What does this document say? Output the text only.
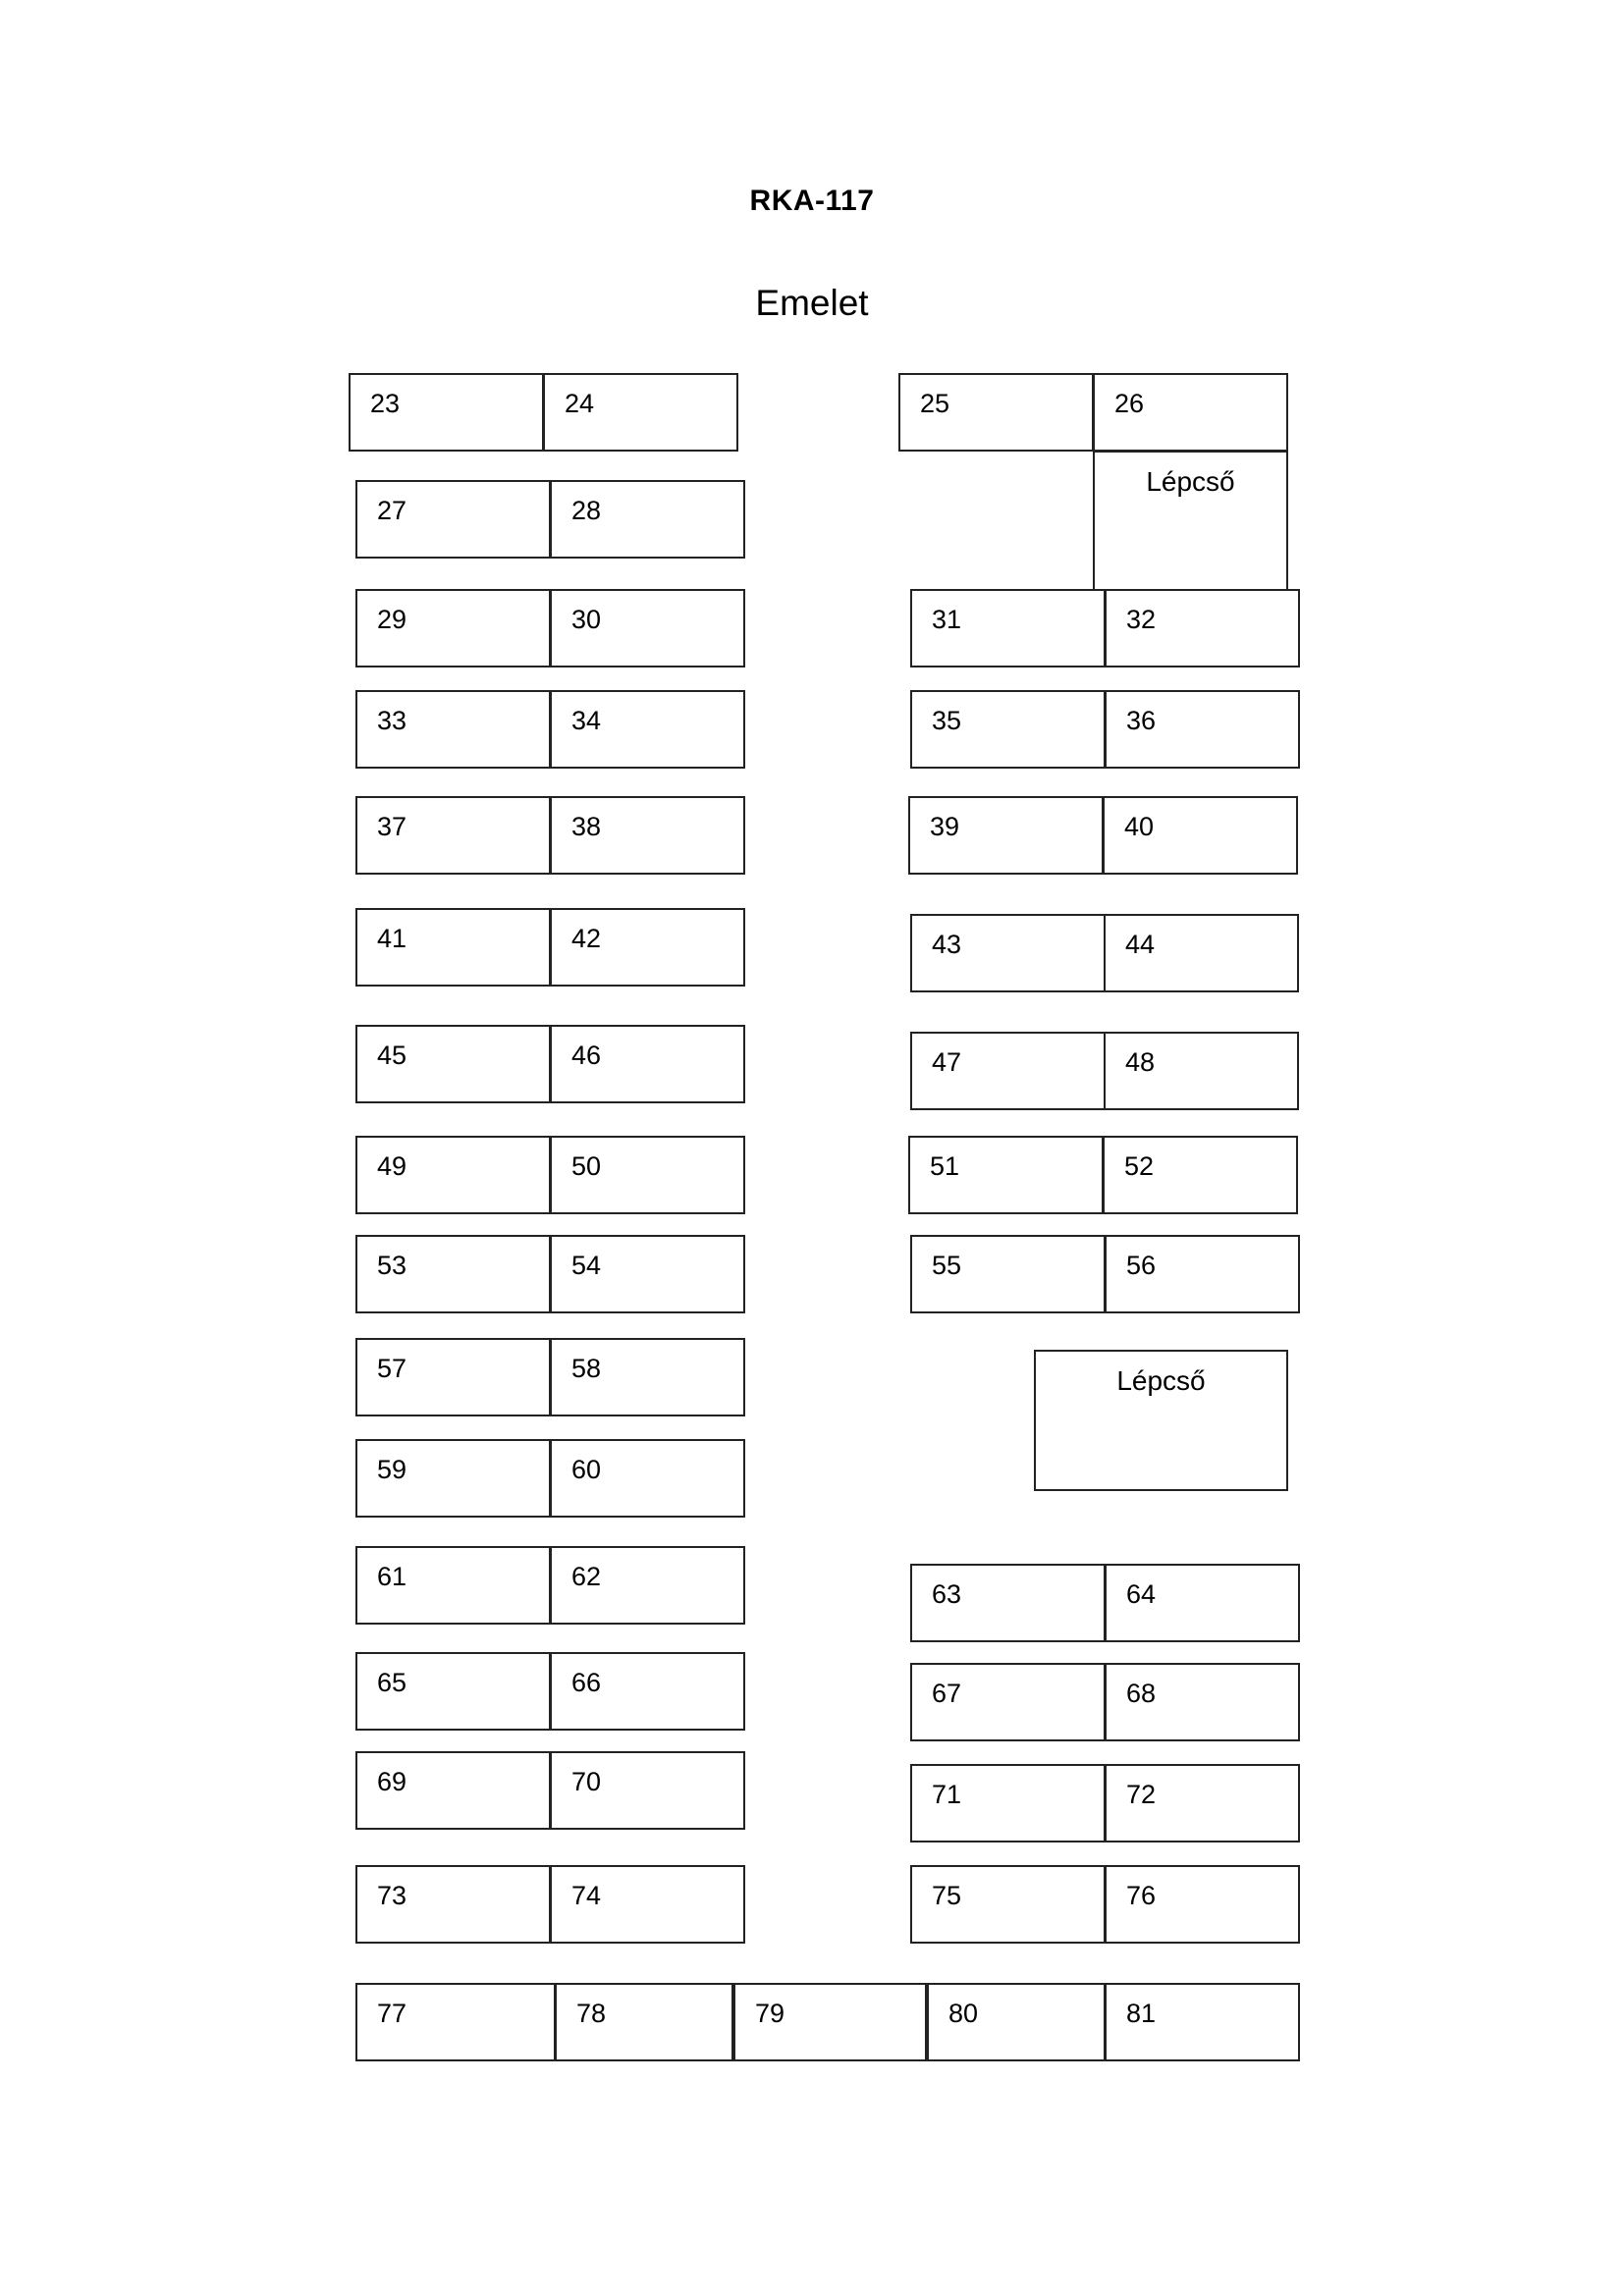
RKA-117
Emelet
23	24	25	26
Lépcső
27	28
29	30	31	32
33	34	35	36
37	38	39	40
41	42	43	44
45	46	47	48
49	50	51	52
53	54	55	56
57	58	Lépcső
59	60
61	62
63	64
65	66	67	68
69	70	71	72
73	74	75	76
77	78	79	80	81
